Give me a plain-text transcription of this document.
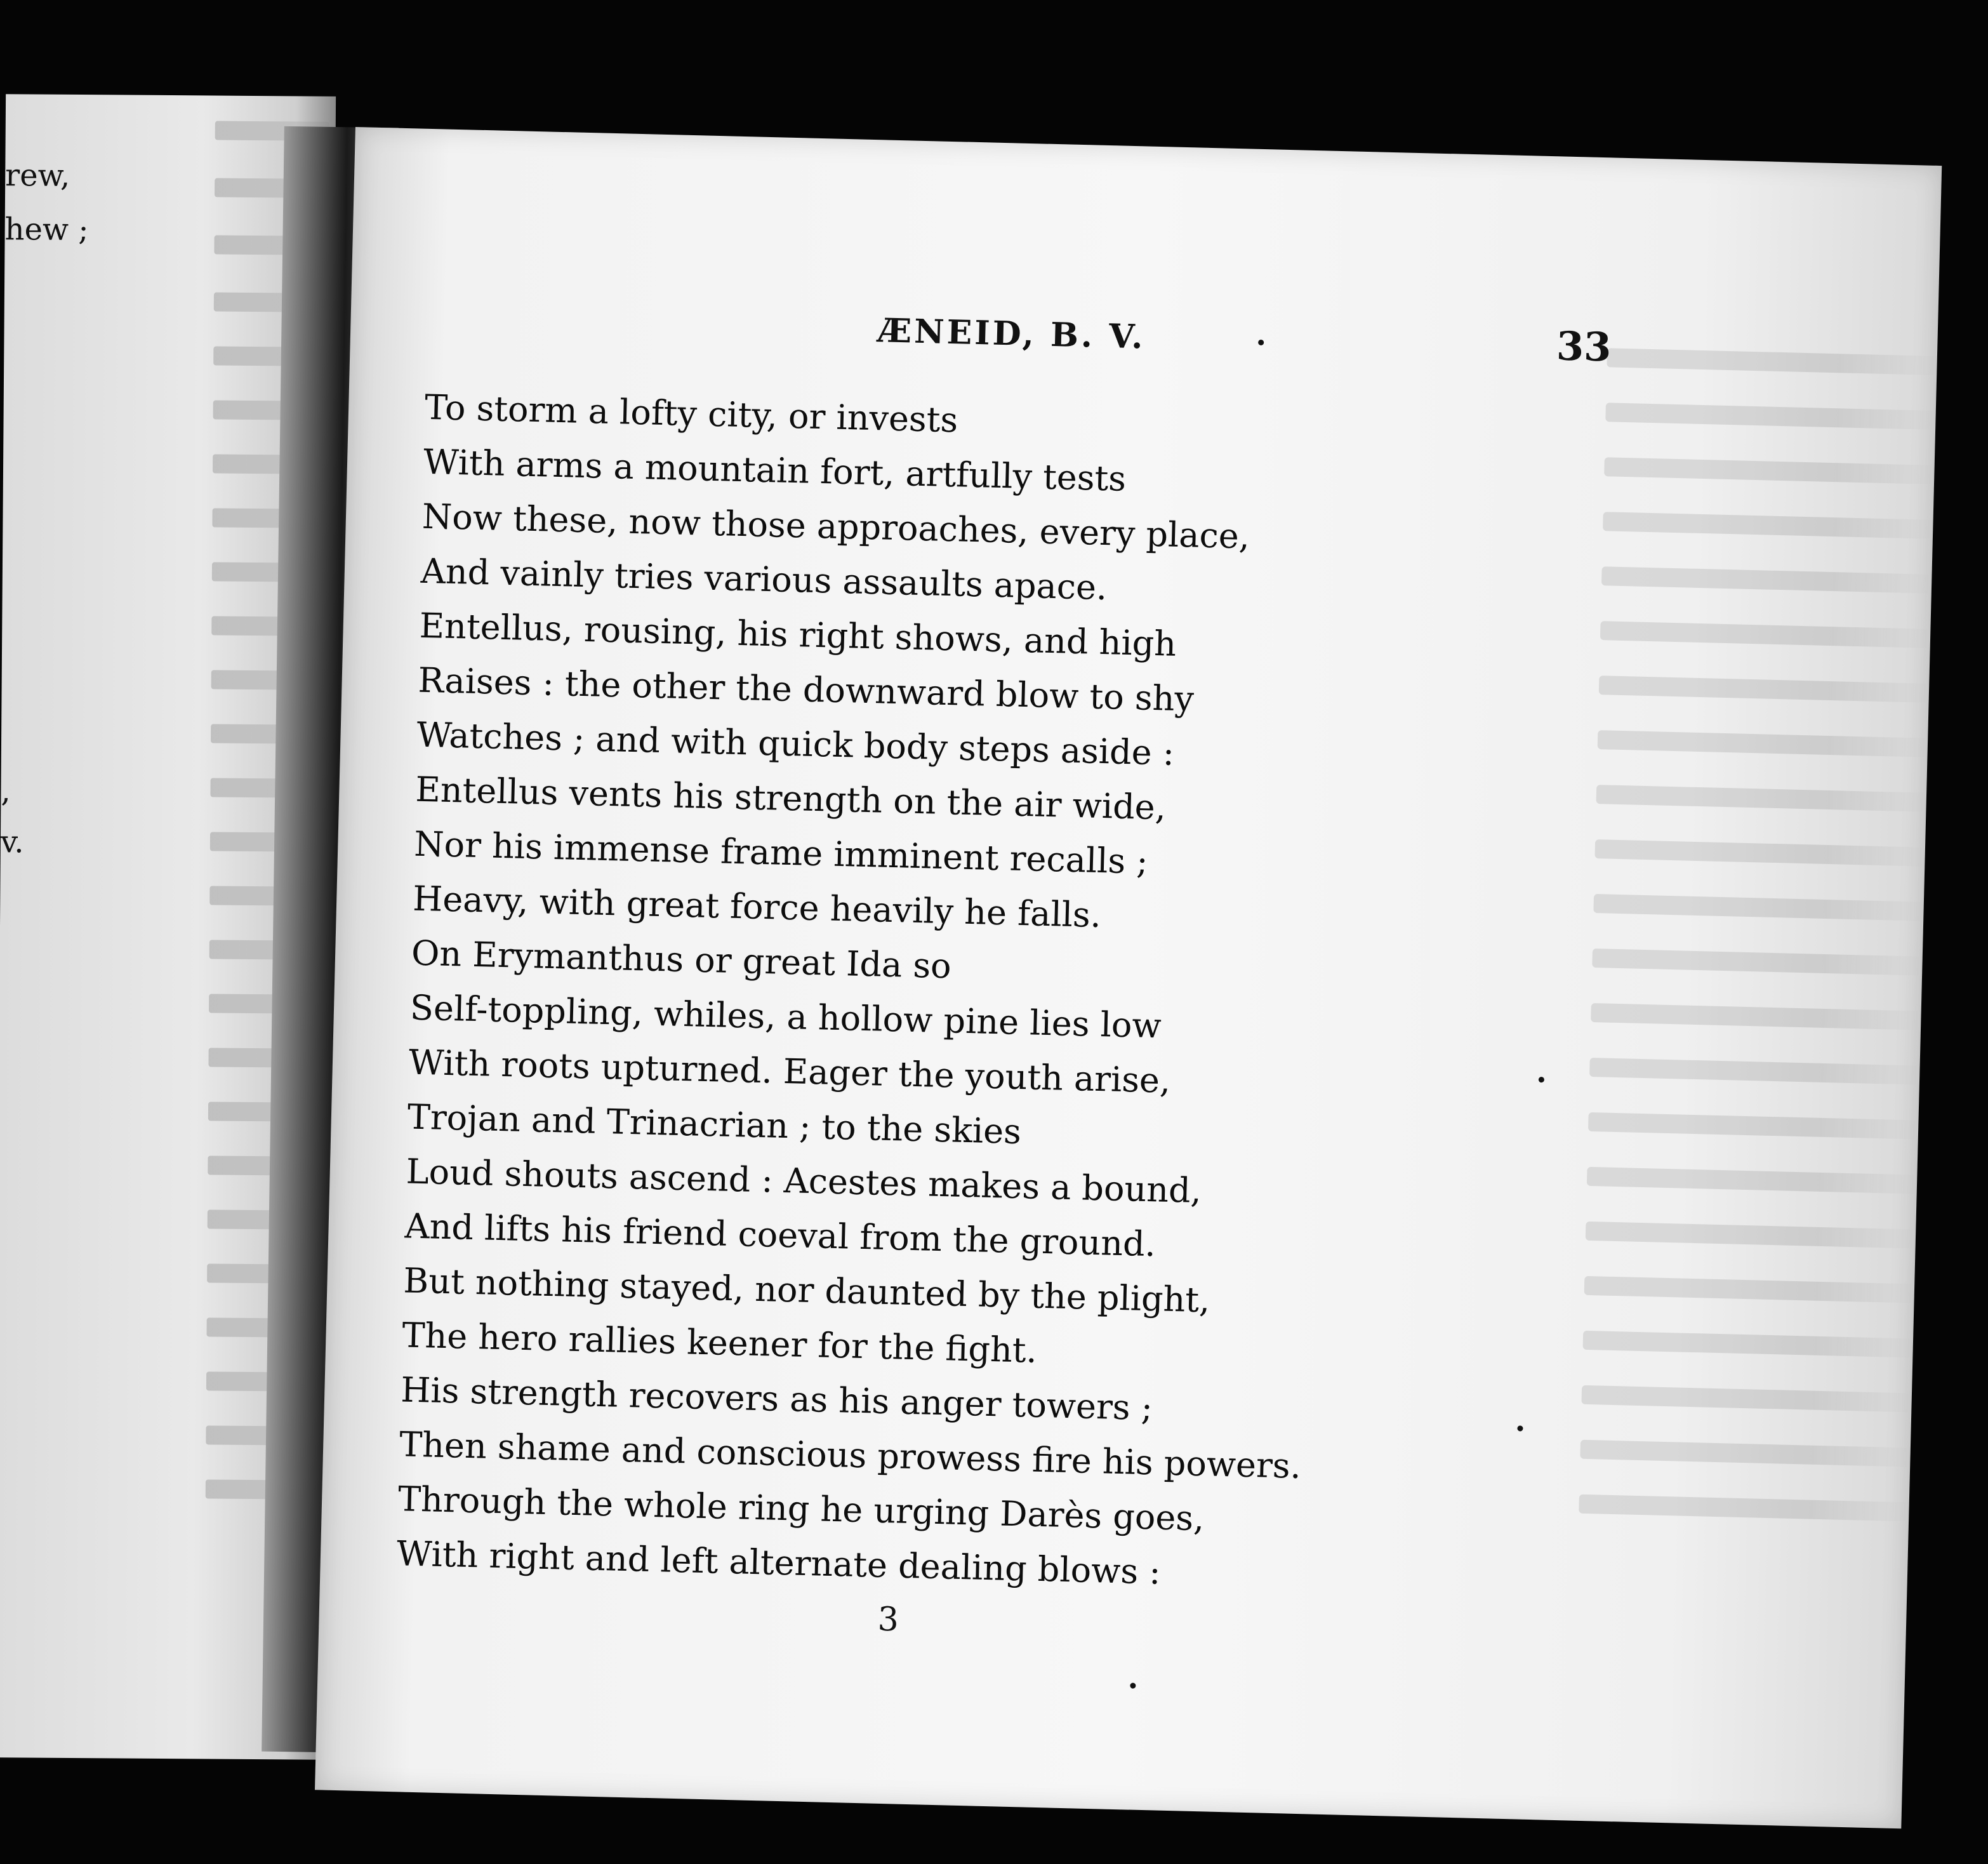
rew,
hew ;
,
v.
ÆNEID, B. V.	33
To storm a lofty city, or invests
With arms a mountain fort, artfully tests
Now these, now those approaches, every place,
And vainly tries various assaults apace.
Entellus, rousing, his right shows, and high
Raises : the other the downward blow to shy
Watches ; and with quick body steps aside :
Entellus vents his strength on the air wide,
Nor his immense frame imminent recalls ;
Heavy, with great force heavily he falls.
On Erymanthus or great Ida so
Self-toppling, whiles, a hollow pine lies low
With roots upturned. Eager the youth arise,
Trojan and Trinacrian ; to the skies
Loud shouts ascend : Acestes makes a bound,
And lifts his friend coeval from the ground.
But nothing stayed, nor daunted by the plight,
The hero rallies keener for the fight.
His strength recovers as his anger towers ;
Then shame and conscious prowess fire his powers.
Through the whole ring he urging Darès goes,
With right and left alternate dealing blows :
3
